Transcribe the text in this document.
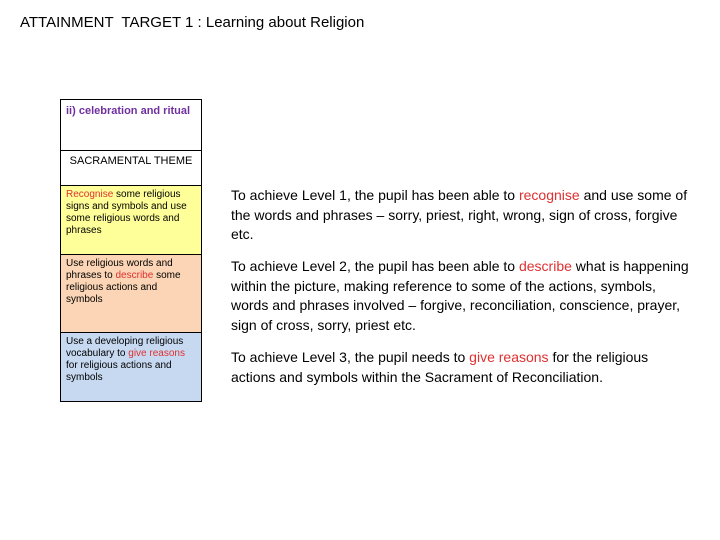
ATTAINMENT  TARGET 1 : Learning about Religion
ii) celebration and ritual
SACRAMENTAL THEME
Recognise some religious signs and symbols and use some religious words and phrases
Use religious words and phrases to describe some religious actions and symbols
Use a developing religious vocabulary to give reasons for religious actions and symbols
To achieve Level 1, the pupil has been able to recognise and use some of the words and phrases – sorry, priest, right, wrong, sign of cross, forgive etc.
To achieve Level 2, the pupil has been able to describe what is happening within the picture, making reference to some of the actions, symbols, words and phrases involved – forgive, reconciliation, conscience, prayer, sign of cross, sorry, priest etc.
To achieve Level 3, the pupil needs to give reasons for the religious actions and symbols within the Sacrament of Reconciliation.
